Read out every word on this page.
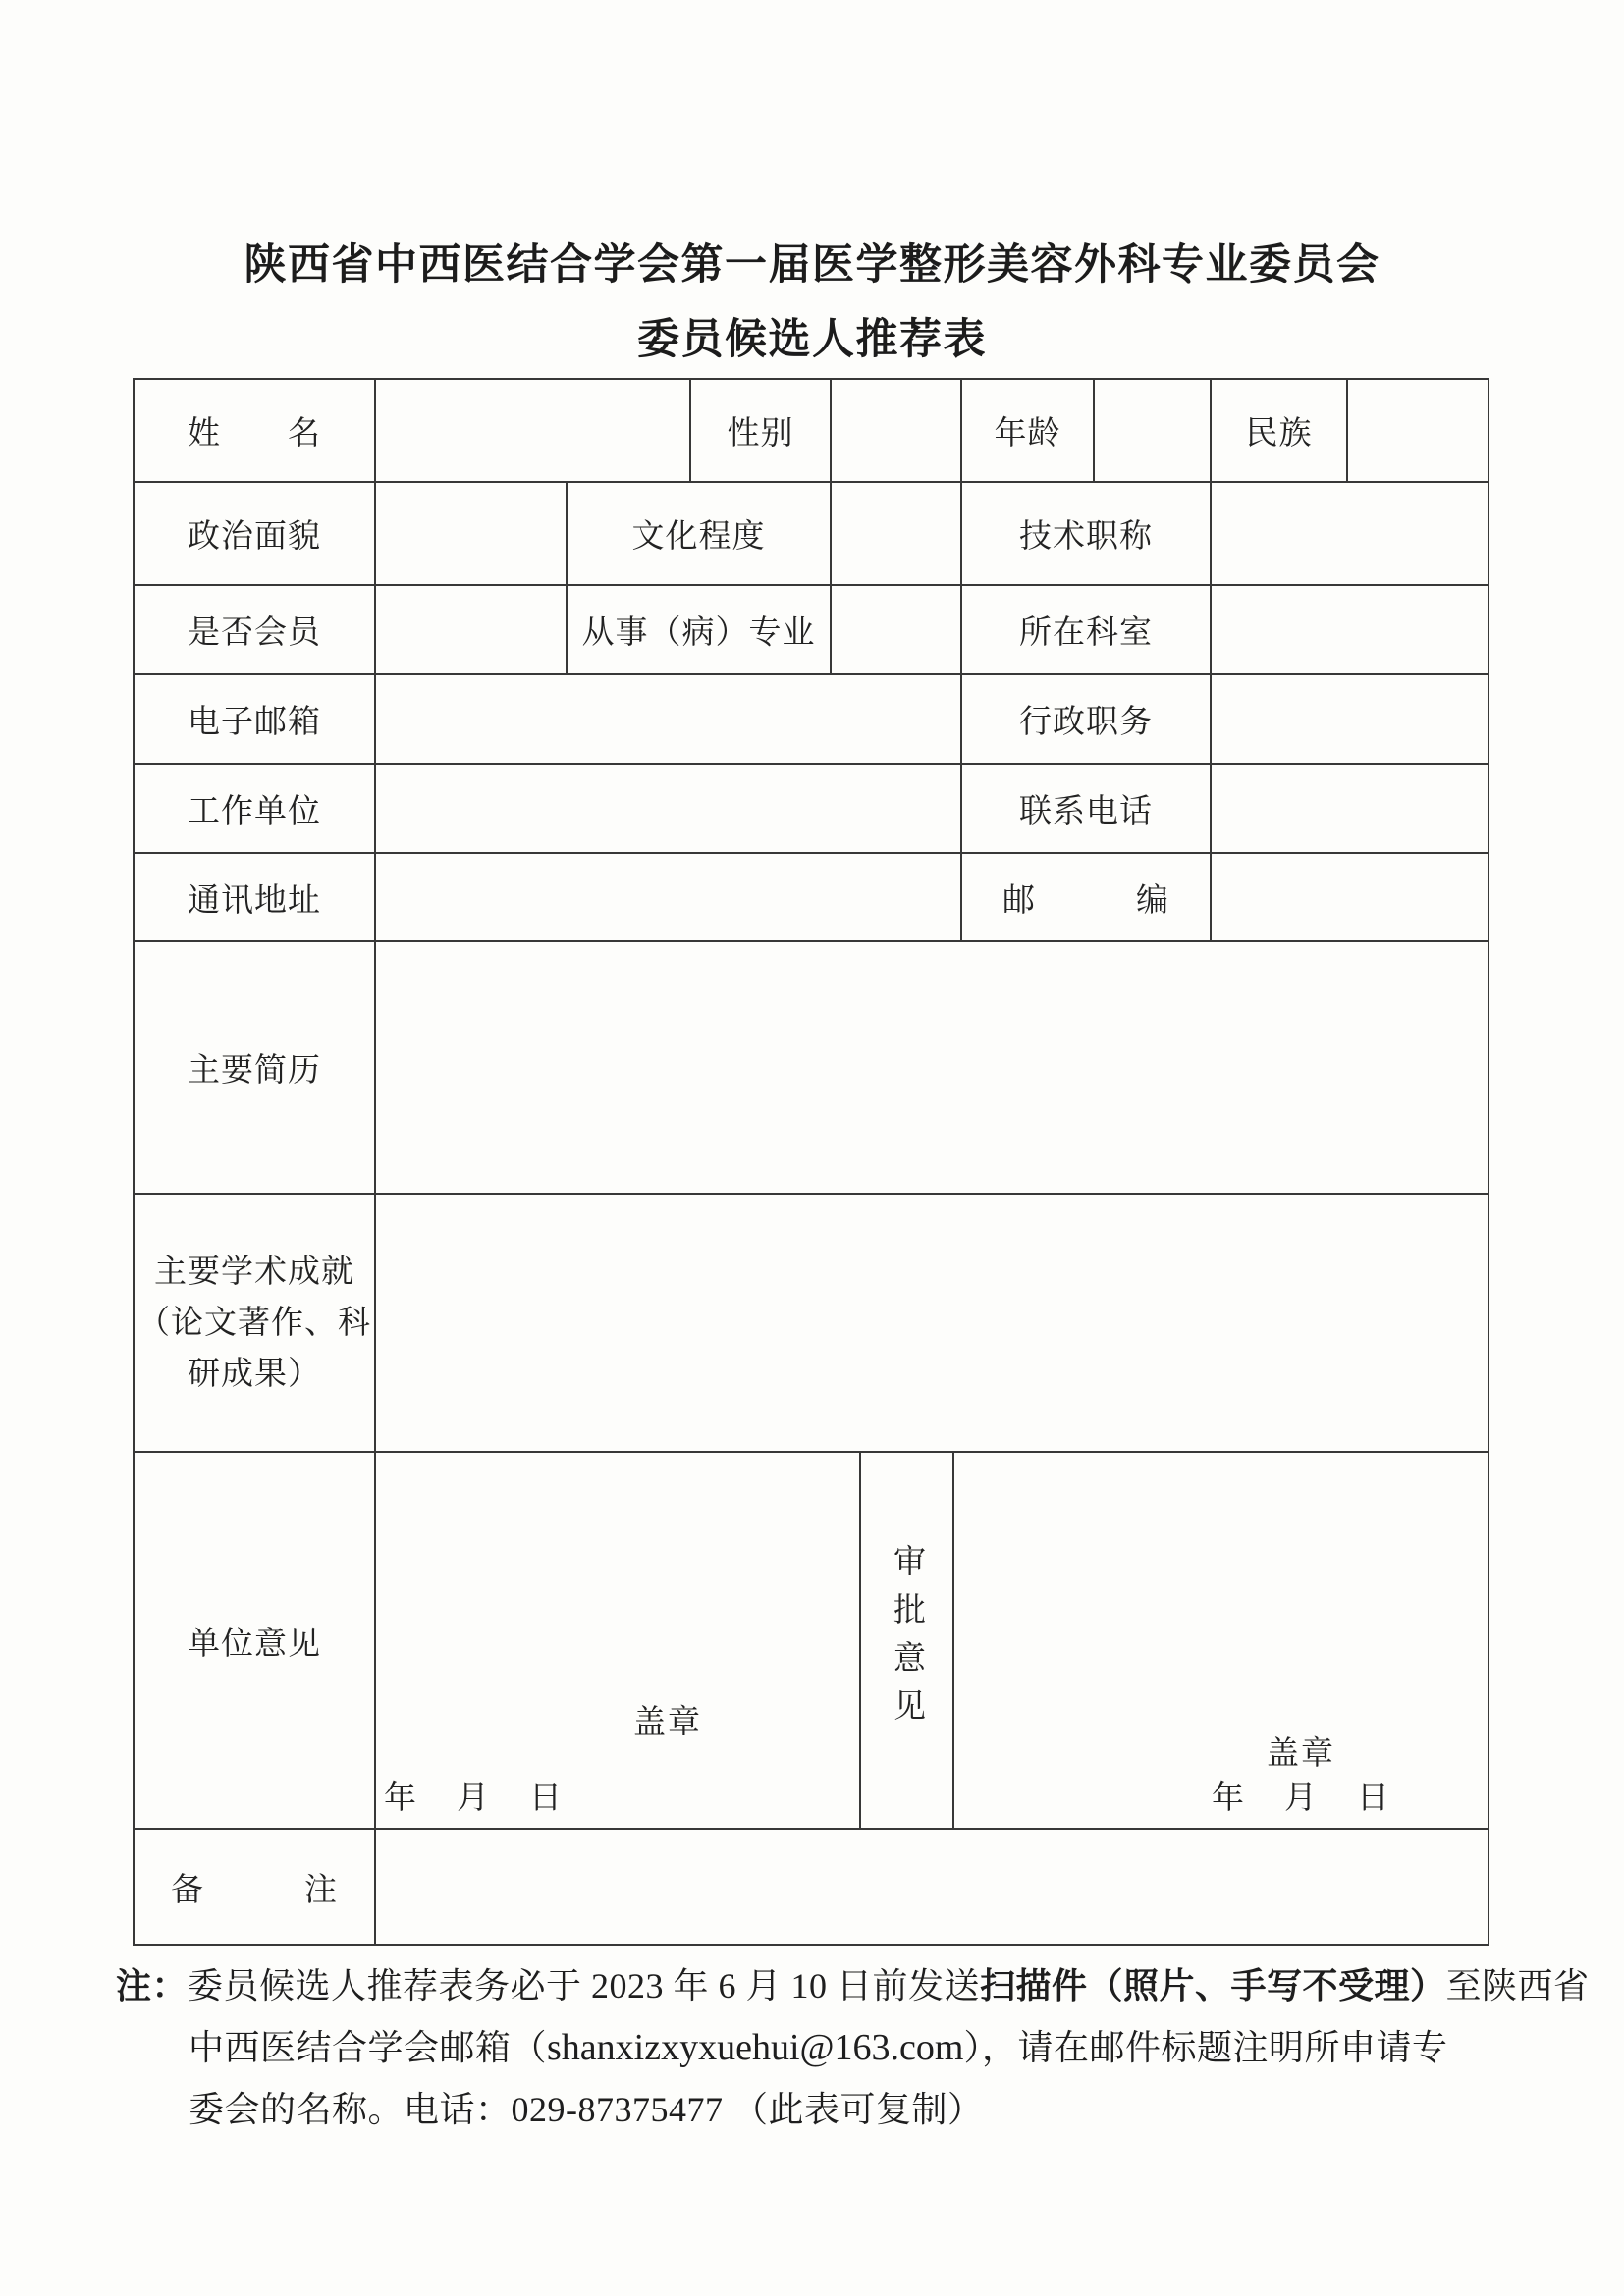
陕西省中西医结合学会第一届医学整形美容外科专业委员会
委员候选人推荐表
姓　　名	性别	年龄	民族
政治面貌	文化程度	技术职称
是否会员	从事（病）专业	所在科室
电子邮箱	行政职务
工作单位	联系电话
通讯地址	邮　　　编
主要简历
主要学术成就
（论文著作、科
研成果）
单位意见
盖章
年　月　日
审批意见
盖章
年　月　日
备　　　注
注：委员候选人推荐表务必于 2023 年 6 月 10 日前发送扫描件（照片、手写不受理）至陕西省
中西医结合学会邮箱（shanxizxyxuehui@163.com），请在邮件标题注明所申请专
委会的名称。电话：029-87375477 （此表可复制）
